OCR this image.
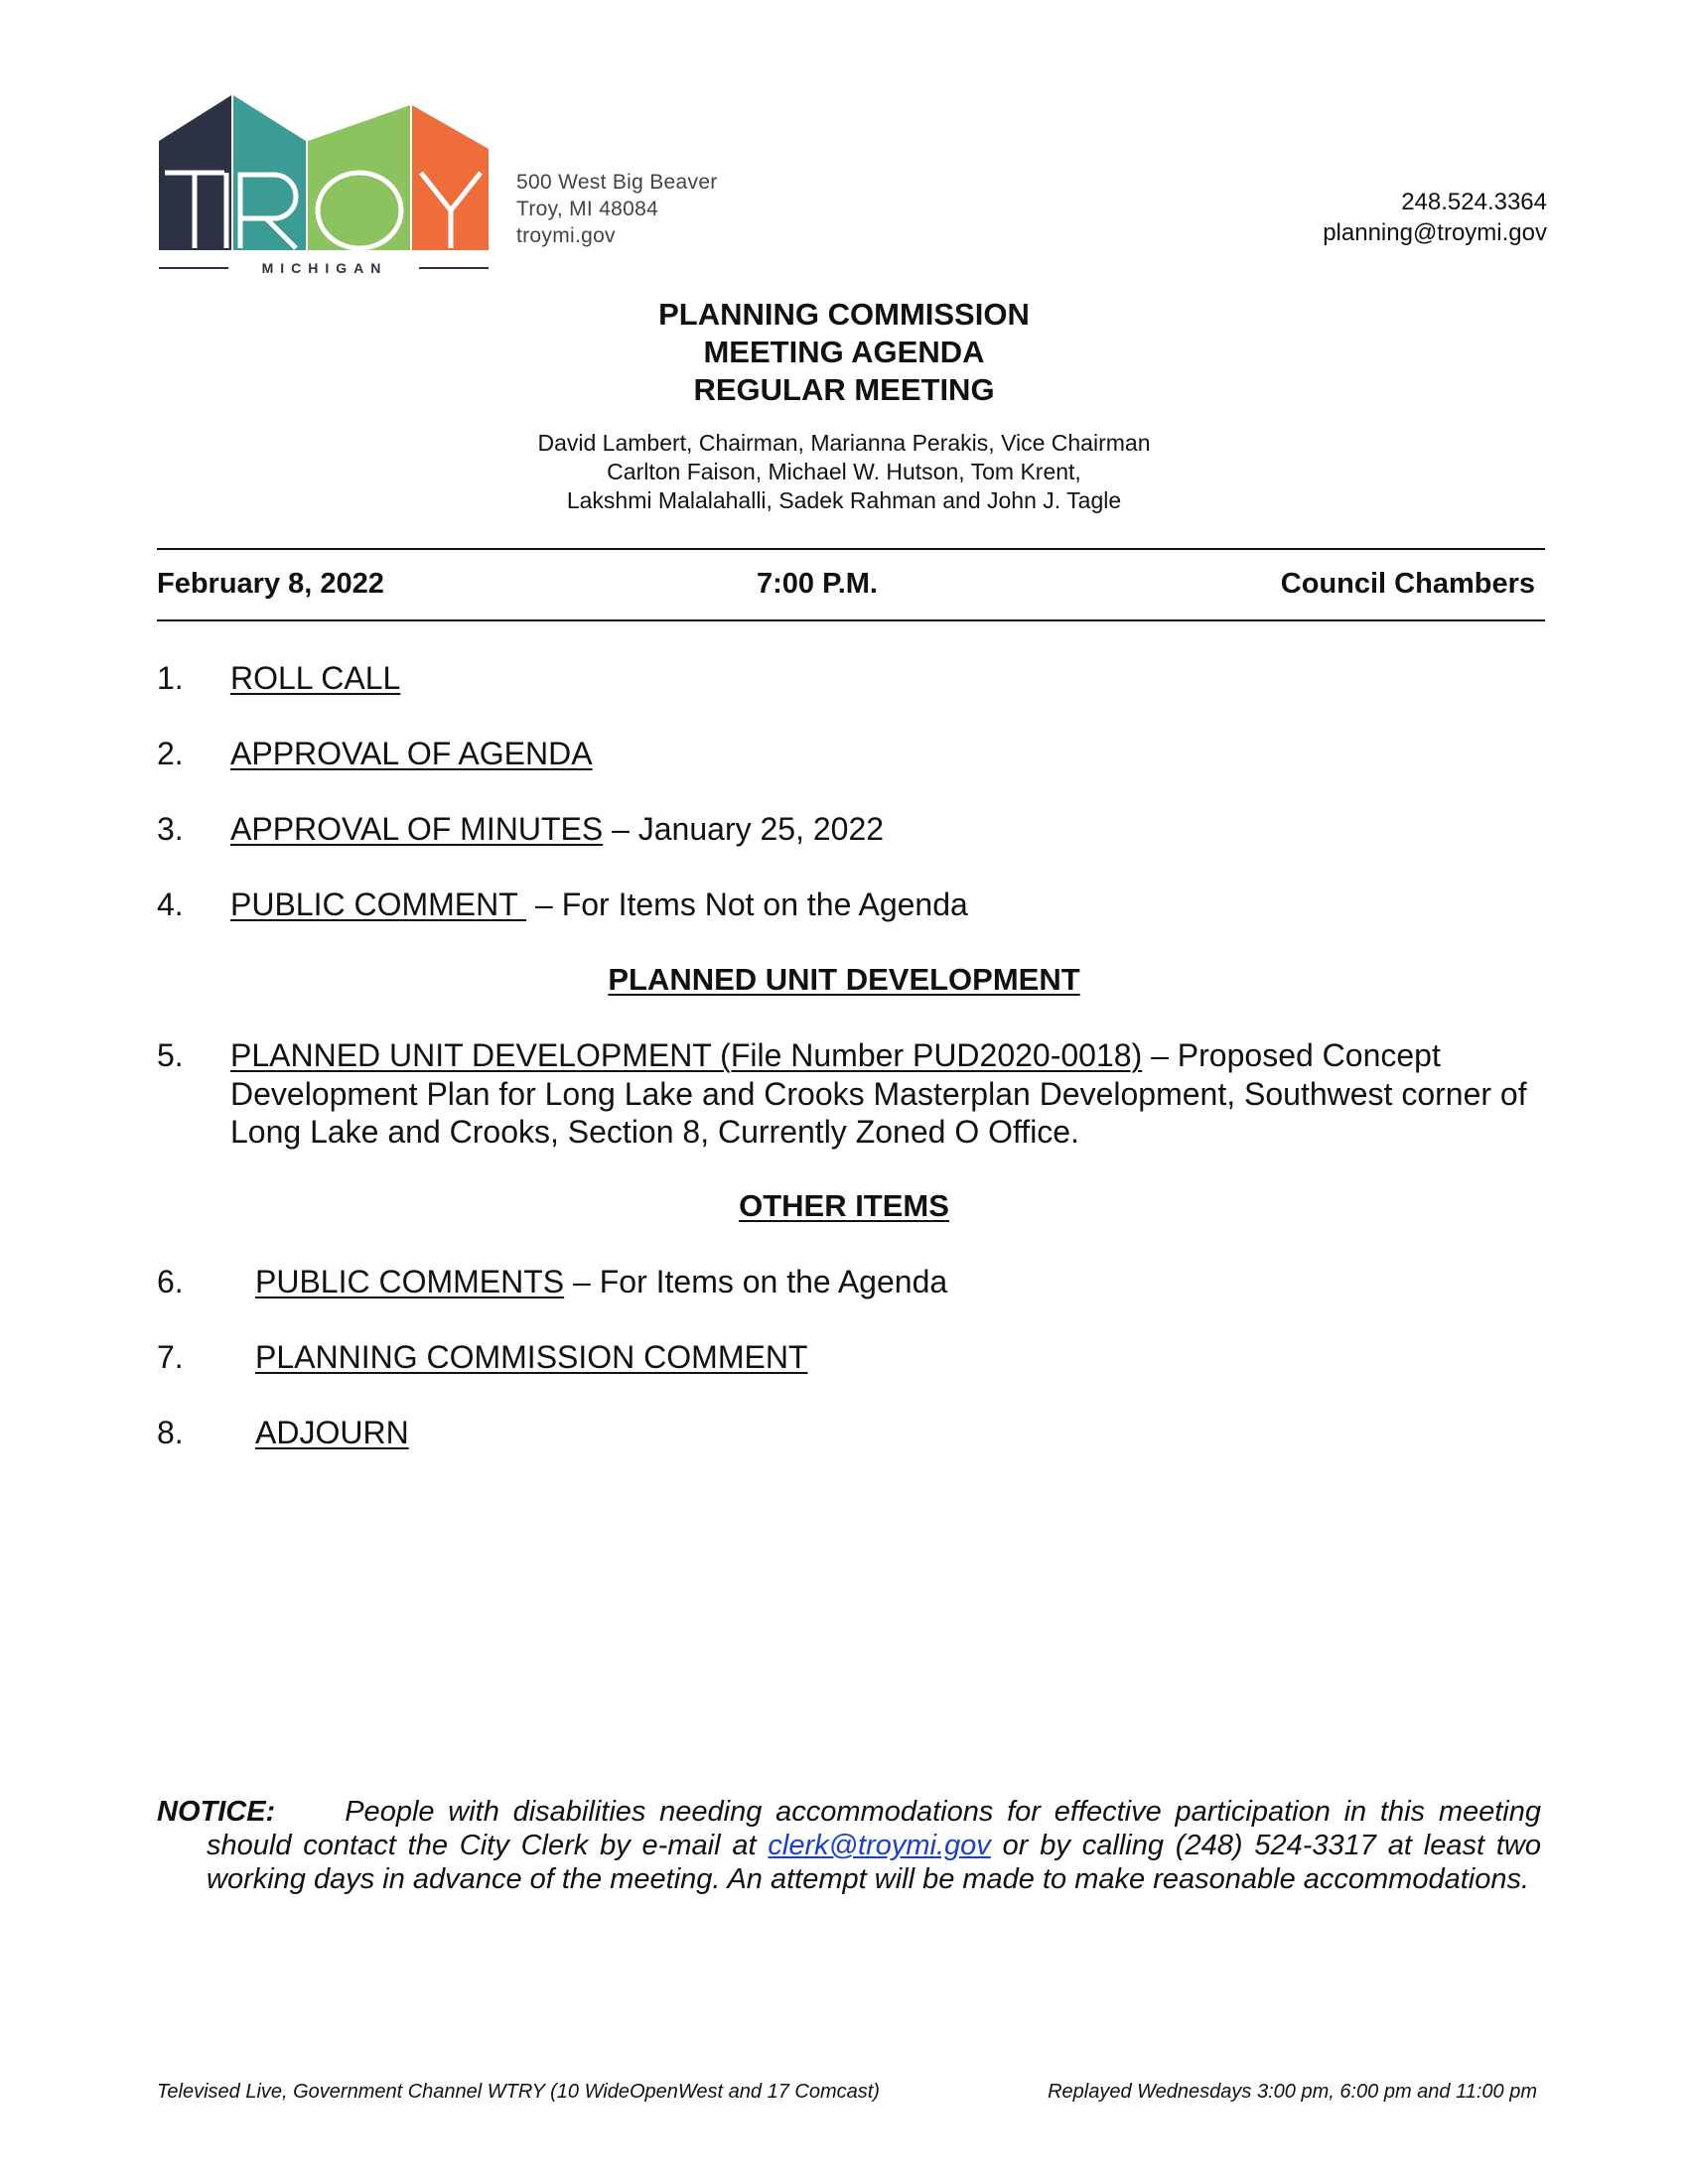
MICHIGAN
500 West Big Beaver
Troy, MI 48084
troymi.gov
248.524.3364
planning@troymi.gov
PLANNING COMMISSION
MEETING AGENDA
REGULAR MEETING
David Lambert, Chairman, Marianna Perakis, Vice Chairman
Carlton Faison, Michael W. Hutson, Tom Krent,
Lakshmi Malalahalli, Sadek Rahman and John J. Tagle
February 8, 2022	7:00 P.M.	Council Chambers
1. ROLL CALL
2. APPROVAL OF AGENDA
3. APPROVAL OF MINUTES – January 25, 2022
4. PUBLIC COMMENT  – For Items Not on the Agenda
PLANNED UNIT DEVELOPMENT
5. PLANNED UNIT DEVELOPMENT (File Number PUD2020-0018) – Proposed Concept Development Plan for Long Lake and Crooks Masterplan Development, Southwest corner of Long Lake and Crooks, Section 8, Currently Zoned O Office.
OTHER ITEMS
6. PUBLIC COMMENTS – For Items on the Agenda
7. PLANNING COMMISSION COMMENT
8. ADJOURN

NOTICE: People with disabilities needing accommodations for effective participation in this meeting should contact the City Clerk by e-mail at clerk@troymi.gov or by calling (248) 524-3317 at least two working days in advance of the meeting. An attempt will be made to make reasonable accommodations.

Televised Live, Government Channel WTRY (10 WideOpenWest and 17 Comcast)	Replayed Wednesdays 3:00 pm, 6:00 pm and 11:00 pm
